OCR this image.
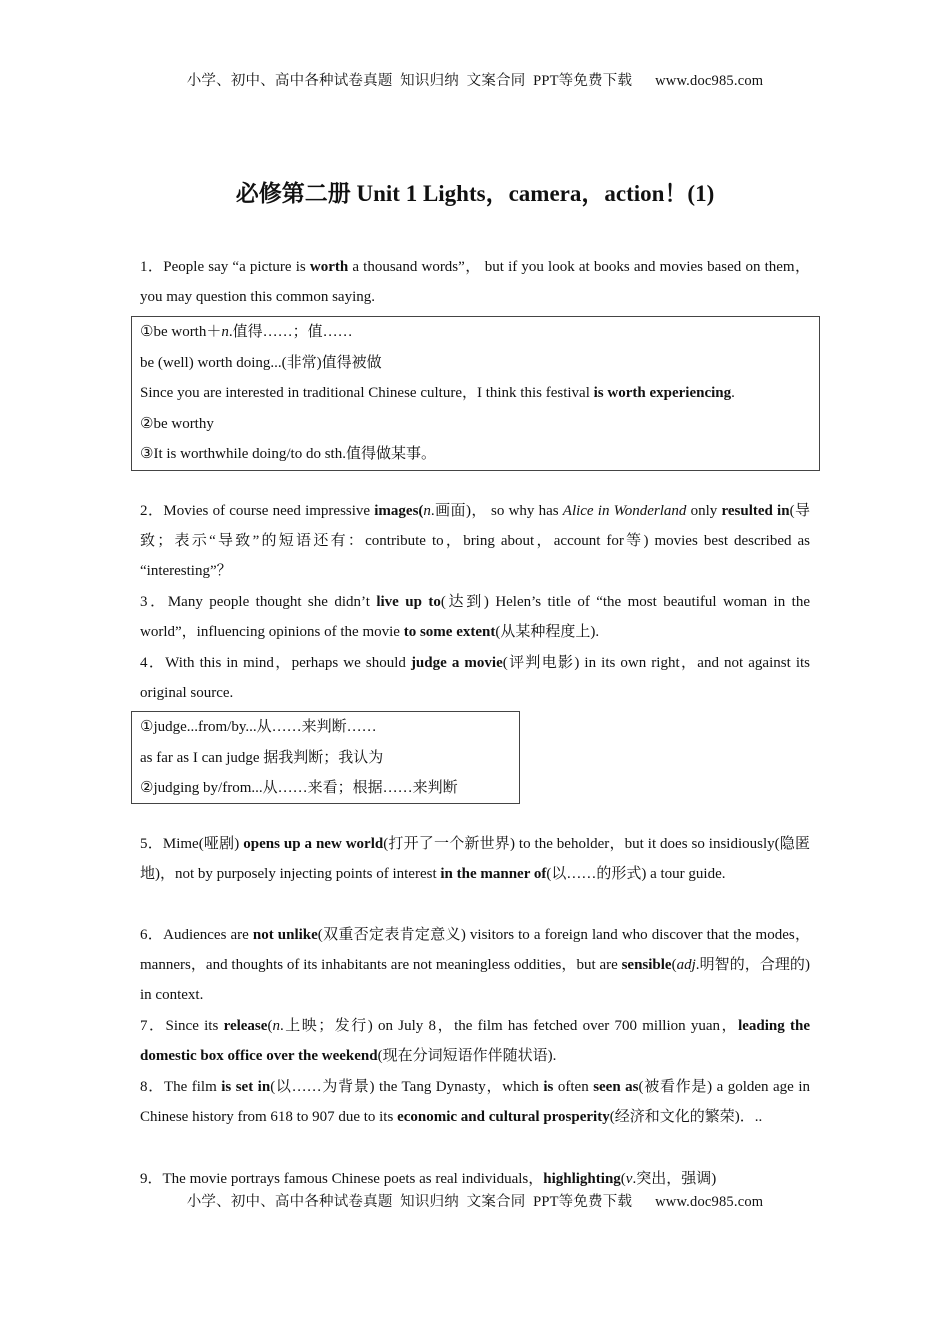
小学、初中、高中各种试卷真题  知识归纳  文案合同  PPT等免费下载      www.doc985.com
必修第二册 Unit 1 Lights，camera，action！(1)

1．People say “a picture is worth a thousand words”， but if you look at books and movies based on them，you may question this common saying.

①be worth＋n.值得……；值……
be (well) worth doing...(非常)值得被做
Since you are interested in traditional Chinese culture，I think this festival is worth experiencing.
②be worthy
③It is worthwhile doing/to do sth.值得做某事。

2．Movies of course need impressive images(n.画面)， so why has Alice in Wonderland only resulted in(导致；表示“导致”的短语还有：contribute to，bring about，account for等) movies best described as “interesting”？

3．Many people thought she didn’t live up to(达到) Helen’s title of “the most beautiful woman in the world”，influencing opinions of the movie to some extent(从某种程度上).

4．With this in mind，perhaps we should judge a movie(评判电影) in its own right，and not against its original source.

①judge...from/by...从……来判断……
as far as I can judge 据我判断；我认为
②judging by/from...从……来看；根据……来判断

5．Mime(哑剧) opens up a new world(打开了一个新世界) to the beholder，but it does so insidiously(隐匿地)，not by purposely injecting points of interest in the manner of(以……的形式) a tour guide.

6．Audiences are not unlike(双重否定表肯定意义) visitors to a foreign land who discover that the modes，manners，and thoughts of its inhabitants are not meaningless oddities，but are sensible(adj.明智的，合理的) in context.

7．Since its release(n.上映；发行) on July 8，the film has fetched over 700 million yuan，leading the domestic box office over the weekend(现在分词短语作伴随状语).

8．The film is set in(以……为背景) the Tang Dynasty，which is often seen as(被看作是) a golden age in Chinese history from 618 to 907 due to its economic and cultural prosperity(经济和文化的繁荣)．..

9．The movie portrays famous Chinese poets as real individuals，highlighting(v.突出，强调)

小学、初中、高中各种试卷真题  知识归纳  文案合同  PPT等免费下载      www.doc985.com
